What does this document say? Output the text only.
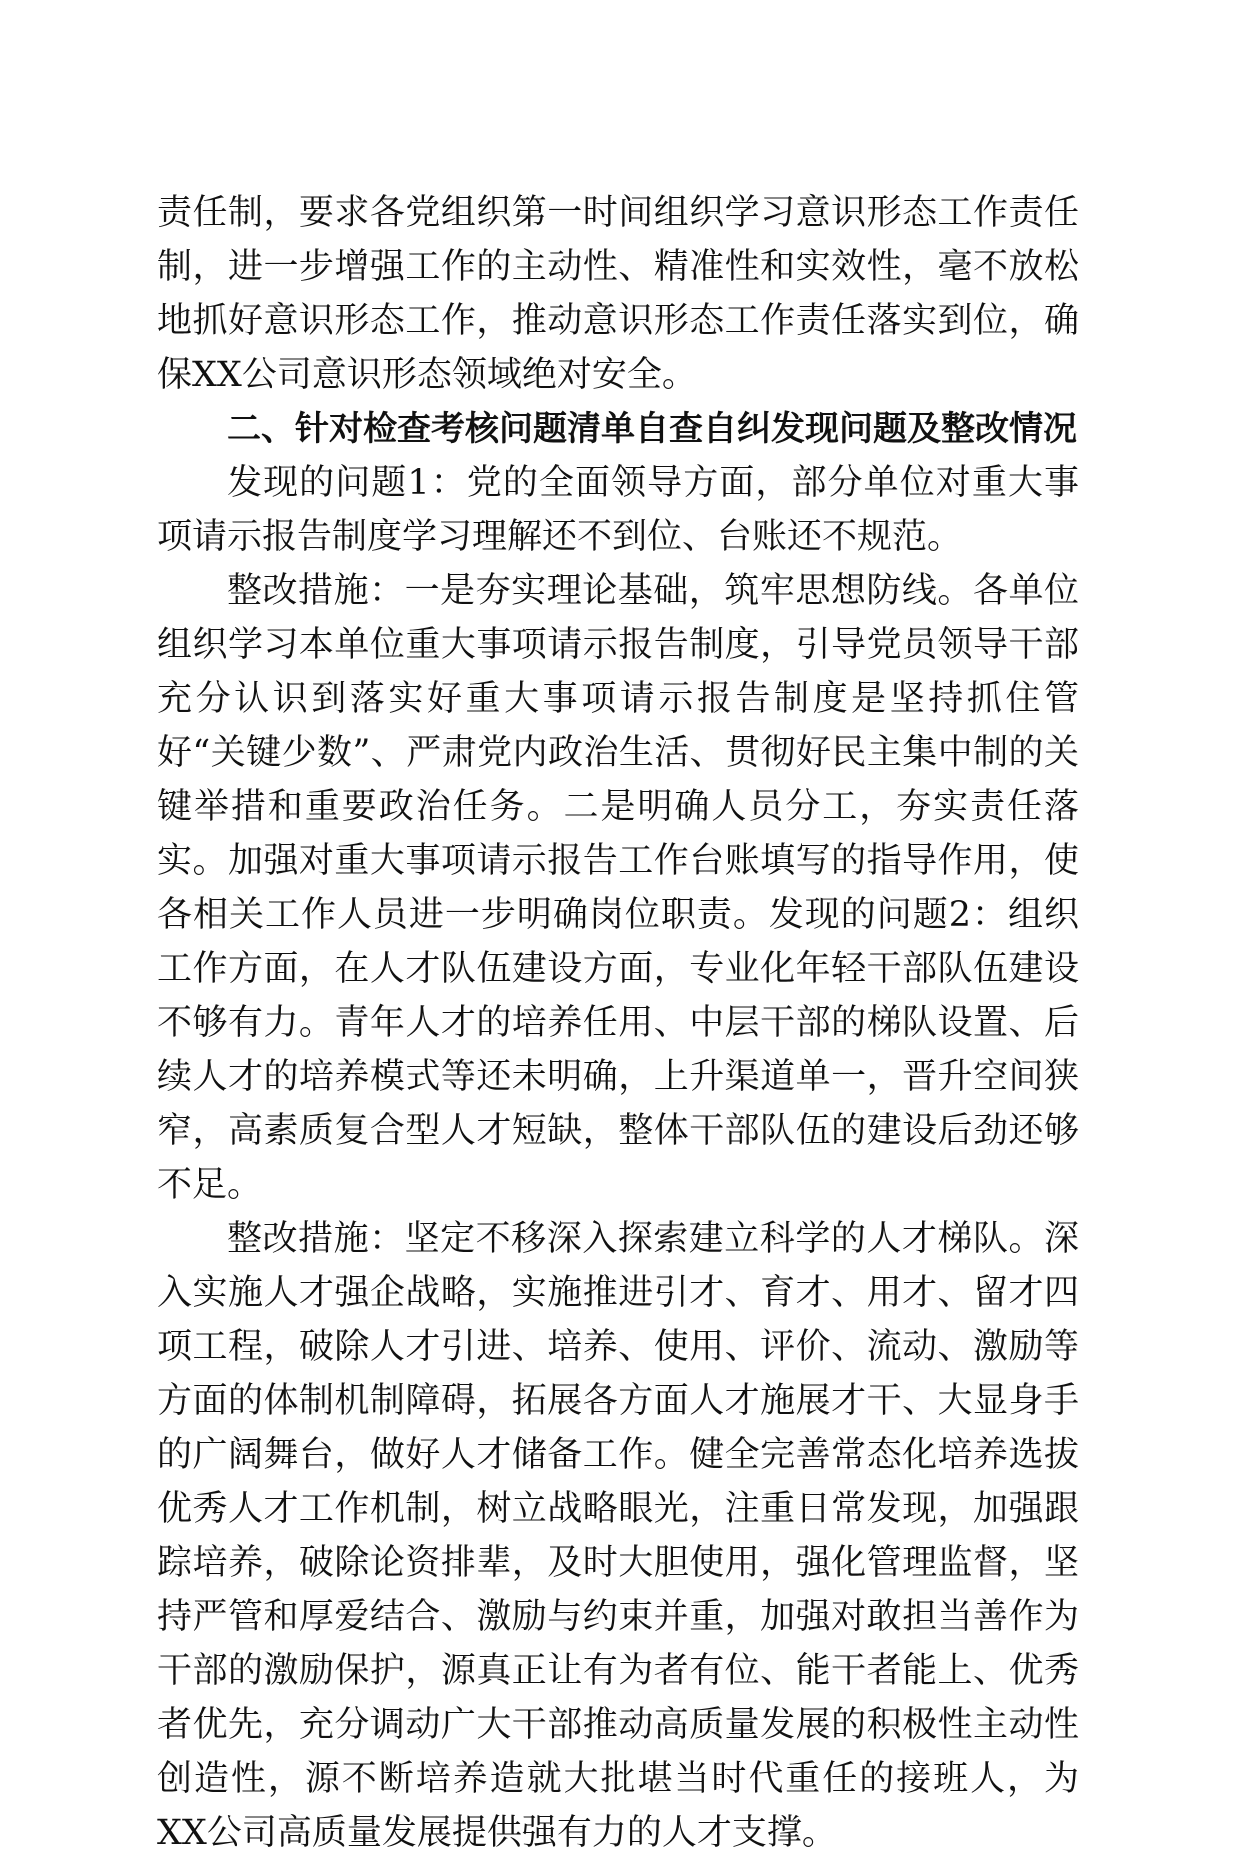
责任制，要求各党组织第一时间组织学习意识形态工作责任制，进一步增强工作的主动性、精准性和实效性，毫不放松地抓好意识形态工作，推动意识形态工作责任落实到位，确保XX公司意识形态领域绝对安全。

二、针对检查考核问题清单自查自纠发现问题及整改情况

发现的问题1：党的全面领导方面，部分单位对重大事项请示报告制度学习理解还不到位、台账还不规范。

整改措施：一是夯实理论基础，筑牢思想防线。各单位组织学习本单位重大事项请示报告制度，引导党员领导干部充分认识到落实好重大事项请示报告制度是坚持抓住管好“关键少数”、严肃党内政治生活、贯彻好民主集中制的关键举措和重要政治任务。二是明确人员分工，夯实责任落实。加强对重大事项请示报告工作台账填写的指导作用，使各相关工作人员进一步明确岗位职责。发现的问题2：组织工作方面，在人才队伍建设方面，专业化年轻干部队伍建设不够有力。青年人才的培养任用、中层干部的梯队设置、后续人才的培养模式等还未明确，上升渠道单一，晋升空间狭窄，高素质复合型人才短缺，整体干部队伍的建设后劲还够不足。

整改措施：坚定不移深入探索建立科学的人才梯队。深入实施人才强企战略，实施推进引才、育才、用才、留才四项工程，破除人才引进、培养、使用、评价、流动、激励等方面的体制机制障碍，拓展各方面人才施展才干、大显身手的广阔舞台，做好人才储备工作。健全完善常态化培养选拔优秀人才工作机制，树立战略眼光，注重日常发现，加强跟踪培养，破除论资排辈，及时大胆使用，强化管理监督，坚持严管和厚爱结合、激励与约束并重，加强对敢担当善作为干部的激励保护，源真正让有为者有位、能干者能上、优秀者优先，充分调动广大干部推动高质量发展的积极性主动性创造性，源不断培养造就大批堪当时代重任的接班人，为XX公司高质量发展提供强有力的人才支撑。
